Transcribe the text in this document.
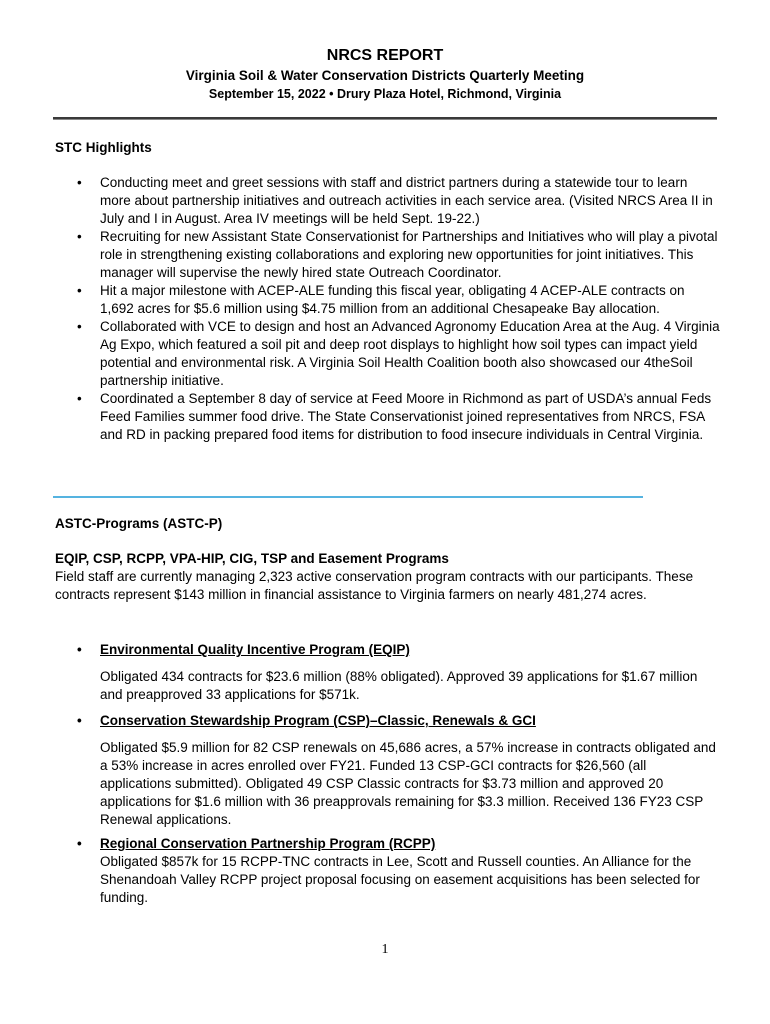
NRCS REPORT
Virginia Soil & Water Conservation Districts Quarterly Meeting
September 15, 2022 • Drury Plaza Hotel, Richmond, Virginia
STC Highlights
• Conducting meet and greet sessions with staff and district partners during a statewide tour to learn more about partnership initiatives and outreach activities in each service area. (Visited NRCS Area II in July and I in August. Area IV meetings will be held Sept. 19-22.)
• Recruiting for new Assistant State Conservationist for Partnerships and Initiatives who will play a pivotal role in strengthening existing collaborations and exploring new opportunities for joint initiatives. This manager will supervise the newly hired state Outreach Coordinator.
• Hit a major milestone with ACEP-ALE funding this fiscal year, obligating 4 ACEP-ALE contracts on 1,692 acres for $5.6 million using $4.75 million from an additional Chesapeake Bay allocation.
• Collaborated with VCE to design and host an Advanced Agronomy Education Area at the Aug. 4 Virginia Ag Expo, which featured a soil pit and deep root displays to highlight how soil types can impact yield potential and environmental risk. A Virginia Soil Health Coalition booth also showcased our 4theSoil partnership initiative.
• Coordinated a September 8 day of service at Feed Moore in Richmond as part of USDA’s annual Feds Feed Families summer food drive. The State Conservationist joined representatives from NRCS, FSA and RD in packing prepared food items for distribution to food insecure individuals in Central Virginia.
ASTC-Programs (ASTC-P)
EQIP, CSP, RCPP, VPA-HIP, CIG, TSP and Easement Programs
Field staff are currently managing 2,323 active conservation program contracts with our participants. These contracts represent $143 million in financial assistance to Virginia farmers on nearly 481,274 acres.
• Environmental Quality Incentive Program (EQIP)
Obligated 434 contracts for $23.6 million (88% obligated). Approved 39 applications for $1.67 million and preapproved 33 applications for $571k.
• Conservation Stewardship Program (CSP)–Classic, Renewals & GCI
Obligated $5.9 million for 82 CSP renewals on 45,686 acres, a 57% increase in contracts obligated and a 53% increase in acres enrolled over FY21. Funded 13 CSP-GCI contracts for $26,560 (all applications submitted). Obligated 49 CSP Classic contracts for $3.73 million and approved 20 applications for $1.6 million with 36 preapprovals remaining for $3.3 million. Received 136 FY23 CSP Renewal applications.
• Regional Conservation Partnership Program (RCPP)
Obligated $857k for 15 RCPP-TNC contracts in Lee, Scott and Russell counties. An Alliance for the Shenandoah Valley RCPP project proposal focusing on easement acquisitions has been selected for funding.
1
